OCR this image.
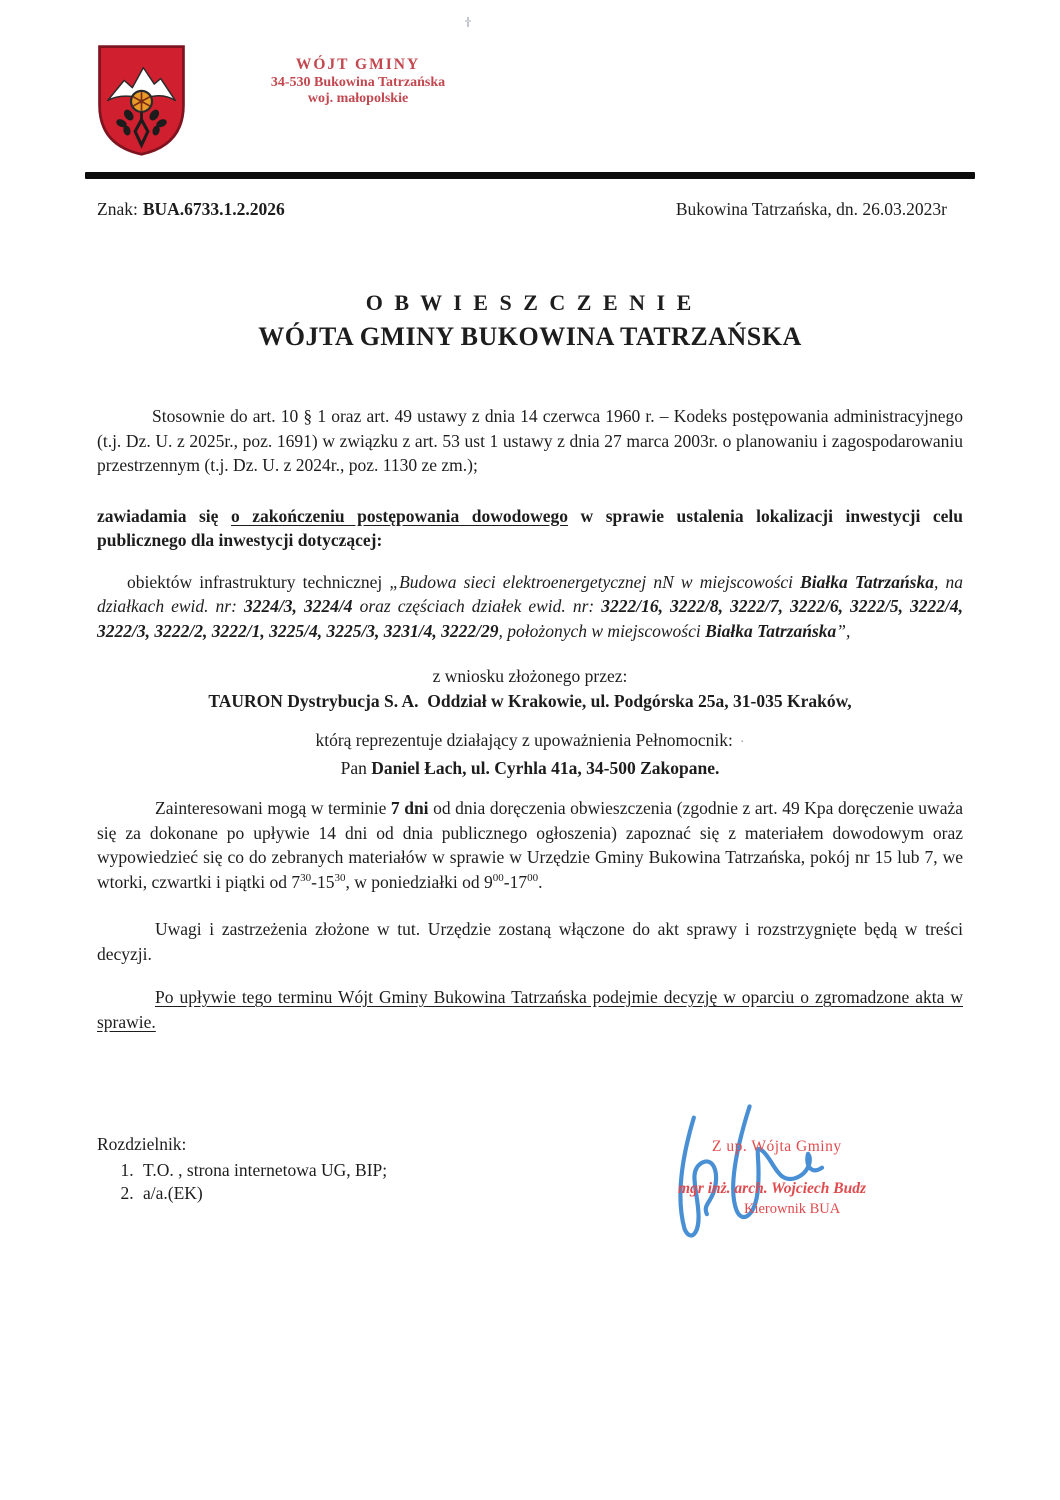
WÓJT GMINY
34-530 Bukowina Tatrzańska
woj. małopolskie
Znak: BUA.6733.1.2.2026	Bukowina Tatrzańska, dn. 26.03.2023r
O B W I E S Z C Z E N I E
WÓJTA GMINY BUKOWINA TATRZAŃSKA

Stosownie do art. 10 § 1 oraz art. 49 ustawy z dnia 14 czerwca 1960 r. – Kodeks postępowania administracyjnego (t.j. Dz. U. z 2025r., poz. 1691) w związku z art. 53 ust 1 ustawy z dnia 27 marca 2003r. o planowaniu i zagospodarowaniu przestrzennym (t.j. Dz. U. z 2024r., poz. 1130 ze zm.);

zawiadamia się o zakończeniu postępowania dowodowego w sprawie ustalenia lokalizacji inwestycji celu publicznego dla inwestycji dotyczącej:

obiektów infrastruktury technicznej „Budowa sieci elektroenergetycznej nN w miejscowości Białka Tatrzańska, na działkach ewid. nr: 3224/3, 3224/4 oraz częściach działek ewid. nr: 3222/16, 3222/8, 3222/7, 3222/6, 3222/5, 3222/4, 3222/3, 3222/2, 3222/1, 3225/4, 3225/3, 3231/4, 3222/29, położonych w miejscowości Białka Tatrzańska”,

z wniosku złożonego przez:
TAURON Dystrybucja S. A.  Oddział w Krakowie, ul. Podgórska 25a, 31-035 Kraków,
którą reprezentuje działający z upoważnienia Pełnomocnik: ·
Pan Daniel Łach, ul. Cyrhla 41a, 34-500 Zakopane.

Zainteresowani mogą w terminie 7 dni od dnia doręczenia obwieszczenia (zgodnie z art. 49 Kpa doręczenie uważa się za dokonane po upływie 14 dni od dnia publicznego ogłoszenia) zapoznać się z materiałem dowodowym oraz wypowiedzieć się co do zebranych materiałów w sprawie w Urzędzie Gminy Bukowina Tatrzańska, pokój nr 15 lub 7, we wtorki, czwartki i piątki od $7^{30}-15^{30}$, w poniedziałki od $9^{00}-17^{00}$.

Uwagi i zastrzeżenia złożone w tut. Urzędzie zostaną włączone do akt sprawy i rozstrzygnięte będą w treści decyzji.

Po upływie tego terminu Wójt Gminy Bukowina Tatrzańska podejmie decyzję w oparciu o zgromadzone akta w sprawie.

Rozdzielnik:
1. T.O. , strona internetowa UG, BIP;
2. a/a.(EK)
Z up. Wójta Gminy
mgr inż. arch. Wojciech Budz
Kierownik BUA
